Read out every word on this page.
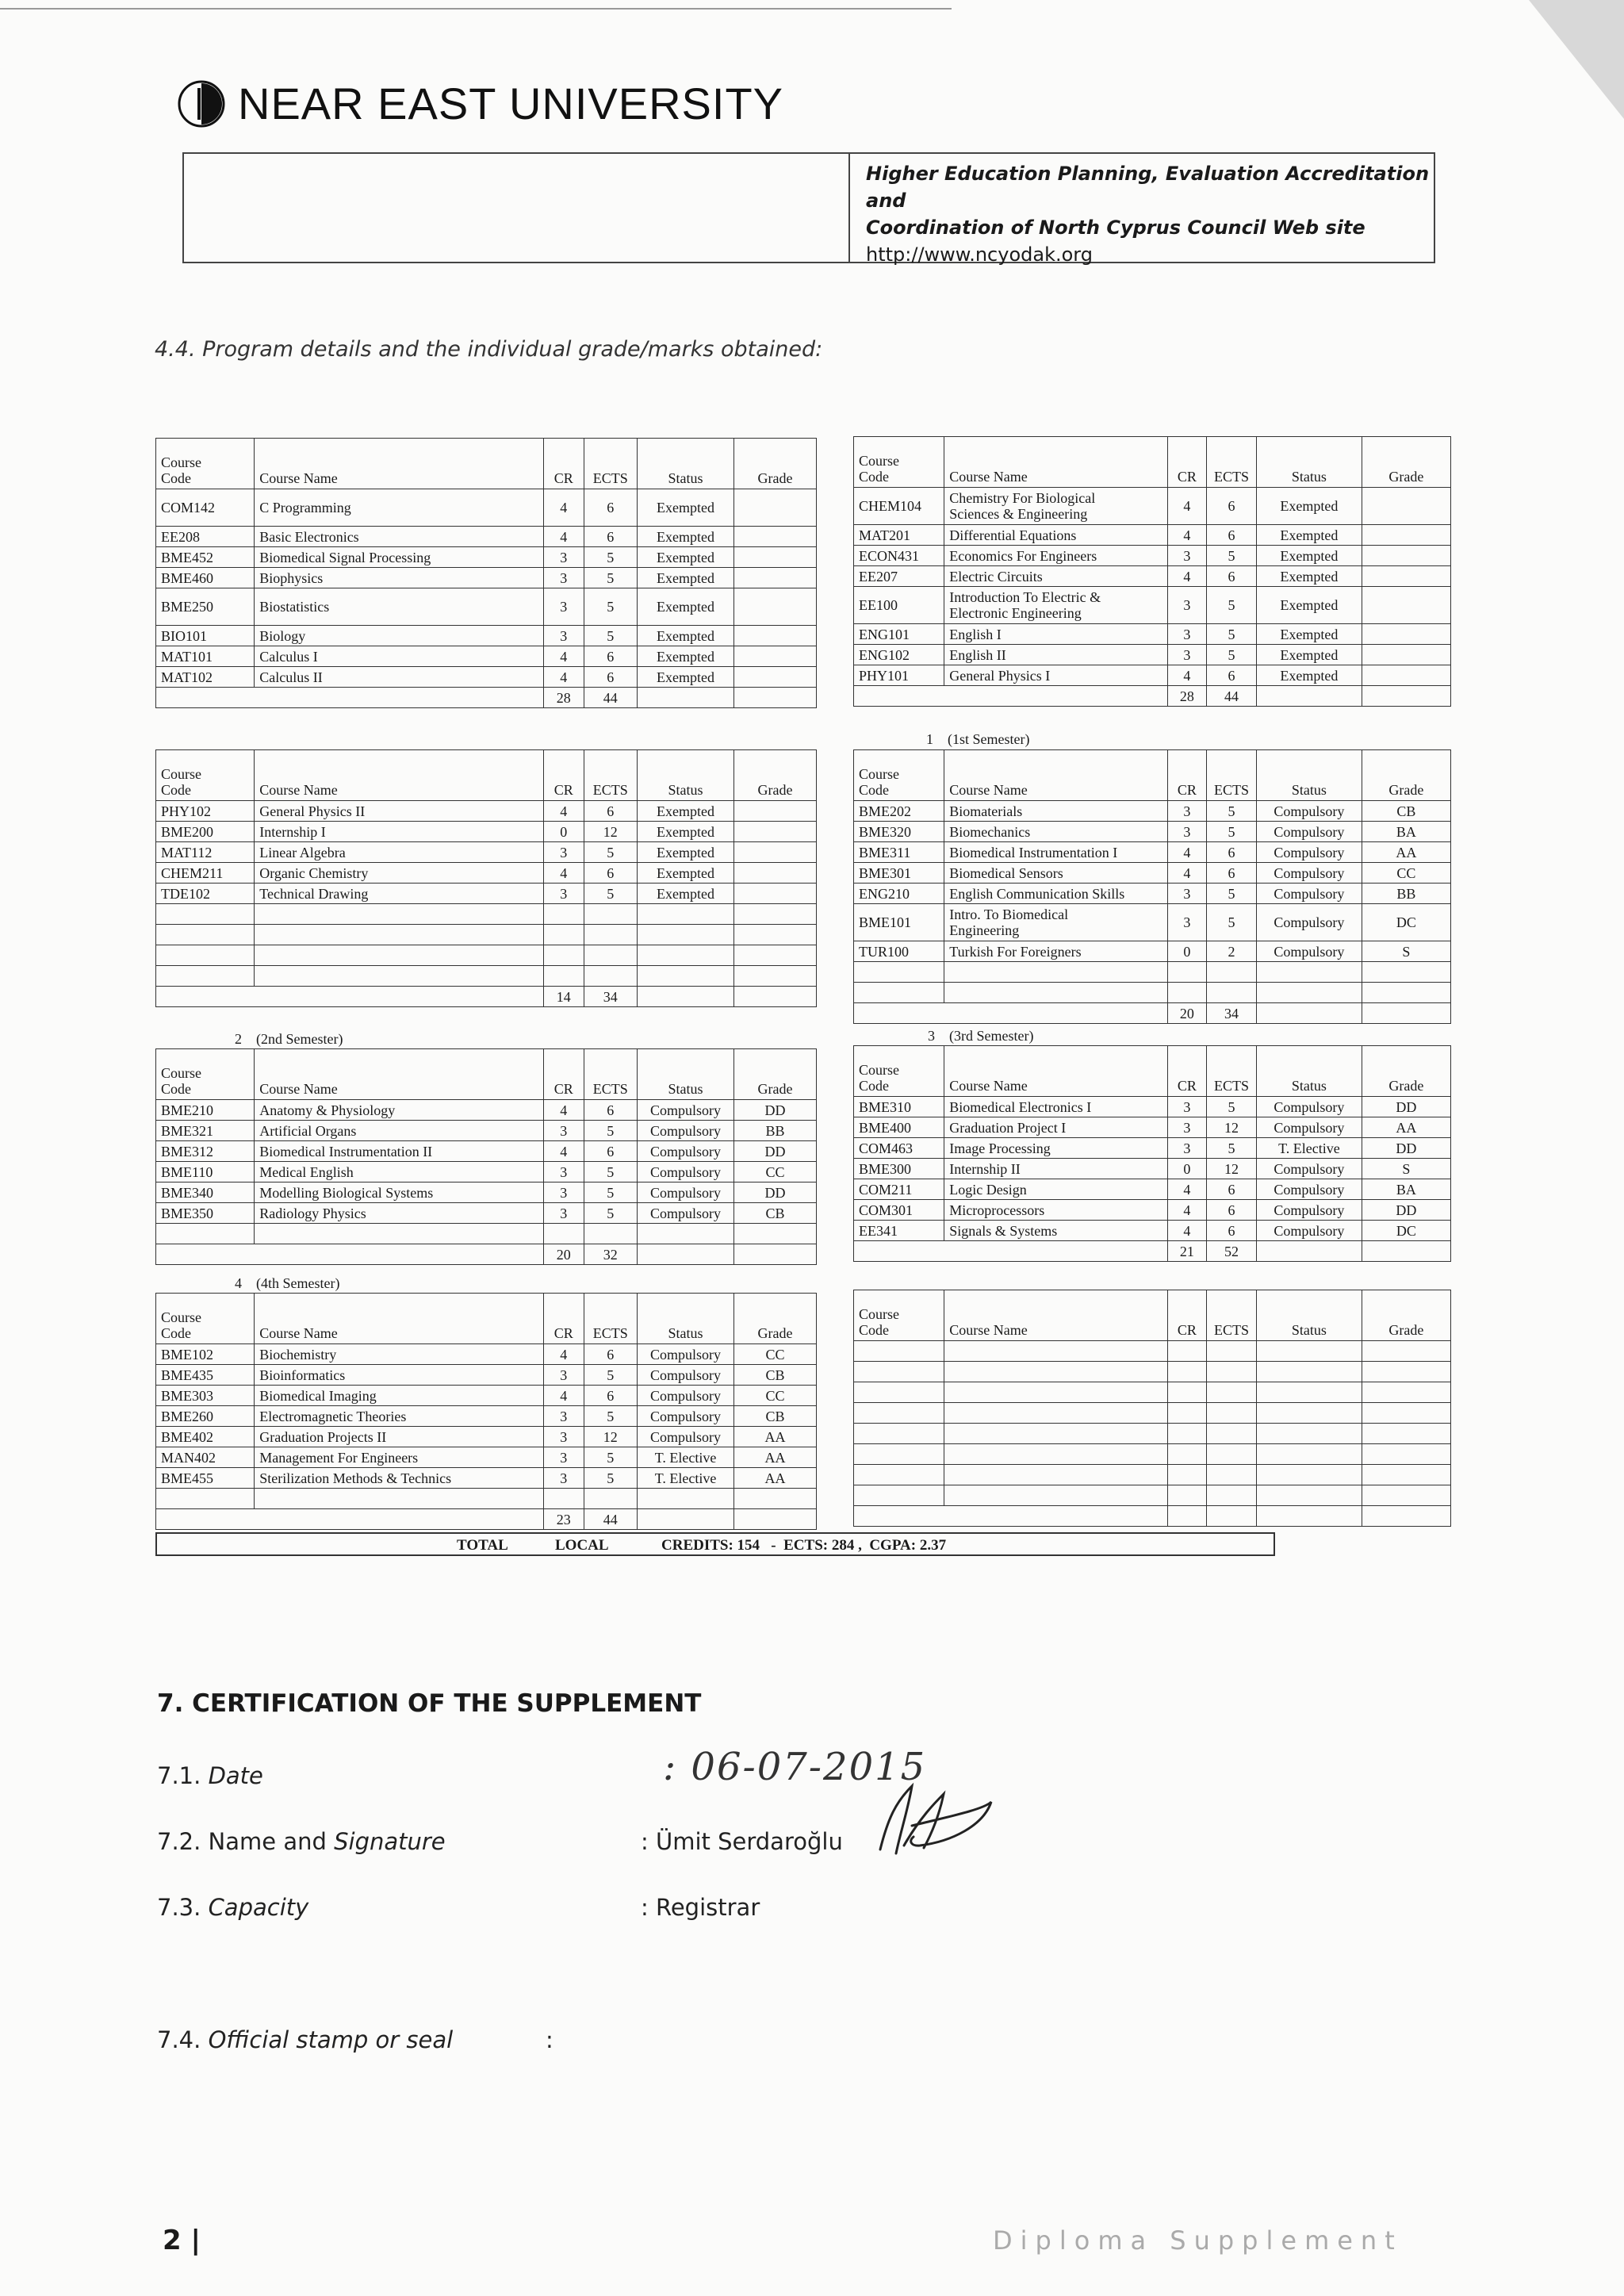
NEAR EAST UNIVERSITY
Higher Education Planning, Evaluation Accreditation and
Coordination of North Cyprus Council Web site
http://www.ncyodak.org
4.4. Program details and the individual grade/marks obtained:
Course
Code	Course Name	CR	ECTS	Status	Grade
COM142	C Programming	4	6	Exempted	
EE208	Basic Electronics	4	6	Exempted	
BME452	Biomedical Signal Processing	3	5	Exempted	
BME460	Biophysics	3	5	Exempted	
BME250	Biostatistics	3	5	Exempted	
BIO101	Biology	3	5	Exempted	
MAT101	Calculus I	4	6	Exempted	
MAT102	Calculus II	4	6	Exempted	
		28	44		
Course
Code	Course Name	CR	ECTS	Status	Grade
CHEM104	Chemistry For Biological
Sciences & Engineering	4	6	Exempted	
MAT201	Differential Equations	4	6	Exempted	
ECON431	Economics For Engineers	3	5	Exempted	
EE207	Electric Circuits	4	6	Exempted	
EE100	Introduction To Electric &
Electronic Engineering	3	5	Exempted	
ENG101	English I	3	5	Exempted	
ENG102	English II	3	5	Exempted	
PHY101	General Physics I	4	6	Exempted	
		28	44		
1 (1st Semester)
Course
Code	Course Name	CR	ECTS	Status	Grade
PHY102	General Physics II	4	6	Exempted	
BME200	Internship I	0	12	Exempted	
MAT112	Linear Algebra	3	5	Exempted	
CHEM211	Organic Chemistry	4	6	Exempted	
TDE102	Technical Drawing	3	5	Exempted	

		14	34		
Course
Code	Course Name	CR	ECTS	Status	Grade
BME202	Biomaterials	3	5	Compulsory	CB
BME320	Biomechanics	3	5	Compulsory	BA
BME311	Biomedical Instrumentation I	4	6	Compulsory	AA
BME301	Biomedical Sensors	4	6	Compulsory	CC
ENG210	English Communication Skills	3	5	Compulsory	BB
BME101	Intro. To Biomedical
Engineering	3	5	Compulsory	DC
TUR100	Turkish For Foreigners	0	2	Compulsory	S

		20	34		
2 (2nd Semester)	3 (3rd Semester)
Course
Code	Course Name	CR	ECTS	Status	Grade
BME210	Anatomy & Physiology	4	6	Compulsory	DD
BME321	Artificial Organs	3	5	Compulsory	BB
BME312	Biomedical Instrumentation II	4	6	Compulsory	DD
BME110	Medical English	3	5	Compulsory	CC
BME340	Modelling Biological Systems	3	5	Compulsory	DD
BME350	Radiology Physics	3	5	Compulsory	CB

		20	32		
Course
Code	Course Name	CR	ECTS	Status	Grade
BME310	Biomedical Electronics I	3	5	Compulsory	DD
BME400	Graduation Project I	3	12	Compulsory	AA
COM463	Image Processing	3	5	T. Elective	DD
BME300	Internship II	0	12	Compulsory	S
COM211	Logic Design	4	6	Compulsory	BA
COM301	Microprocessors	4	6	Compulsory	DD
EE341	Signals & Systems	4	6	Compulsory	DC
		21	52		
4 (4th Semester)
Course
Code	Course Name	CR	ECTS	Status	Grade
BME102	Biochemistry	4	6	Compulsory	CC
BME435	Bioinformatics	3	5	Compulsory	CB
BME303	Biomedical Imaging	4	6	Compulsory	CC
BME260	Electromagnetic Theories	3	5	Compulsory	CB
BME402	Graduation Projects II	3	12	Compulsory	AA
MAN402	Management For Engineers	3	5	T. Elective	AA
BME455	Sterilization Methods & Technics	3	5	T. Elective	AA

		23	44		
Course
Code	Course Name	CR	ECTS	Status	Grade

TOTAL	LOCAL	CREDITS: 154   -  ECTS: 284 ,  CGPA: 2.37
7. CERTIFICATION OF THE SUPPLEMENT
7.1. Date	: 06-07-2015
7.2. Name and Signature	: Ümit Serdaroğlu
7.3. Capacity	: Registrar
7.4. Official stamp or seal	:
2 |	Diploma Supplement
